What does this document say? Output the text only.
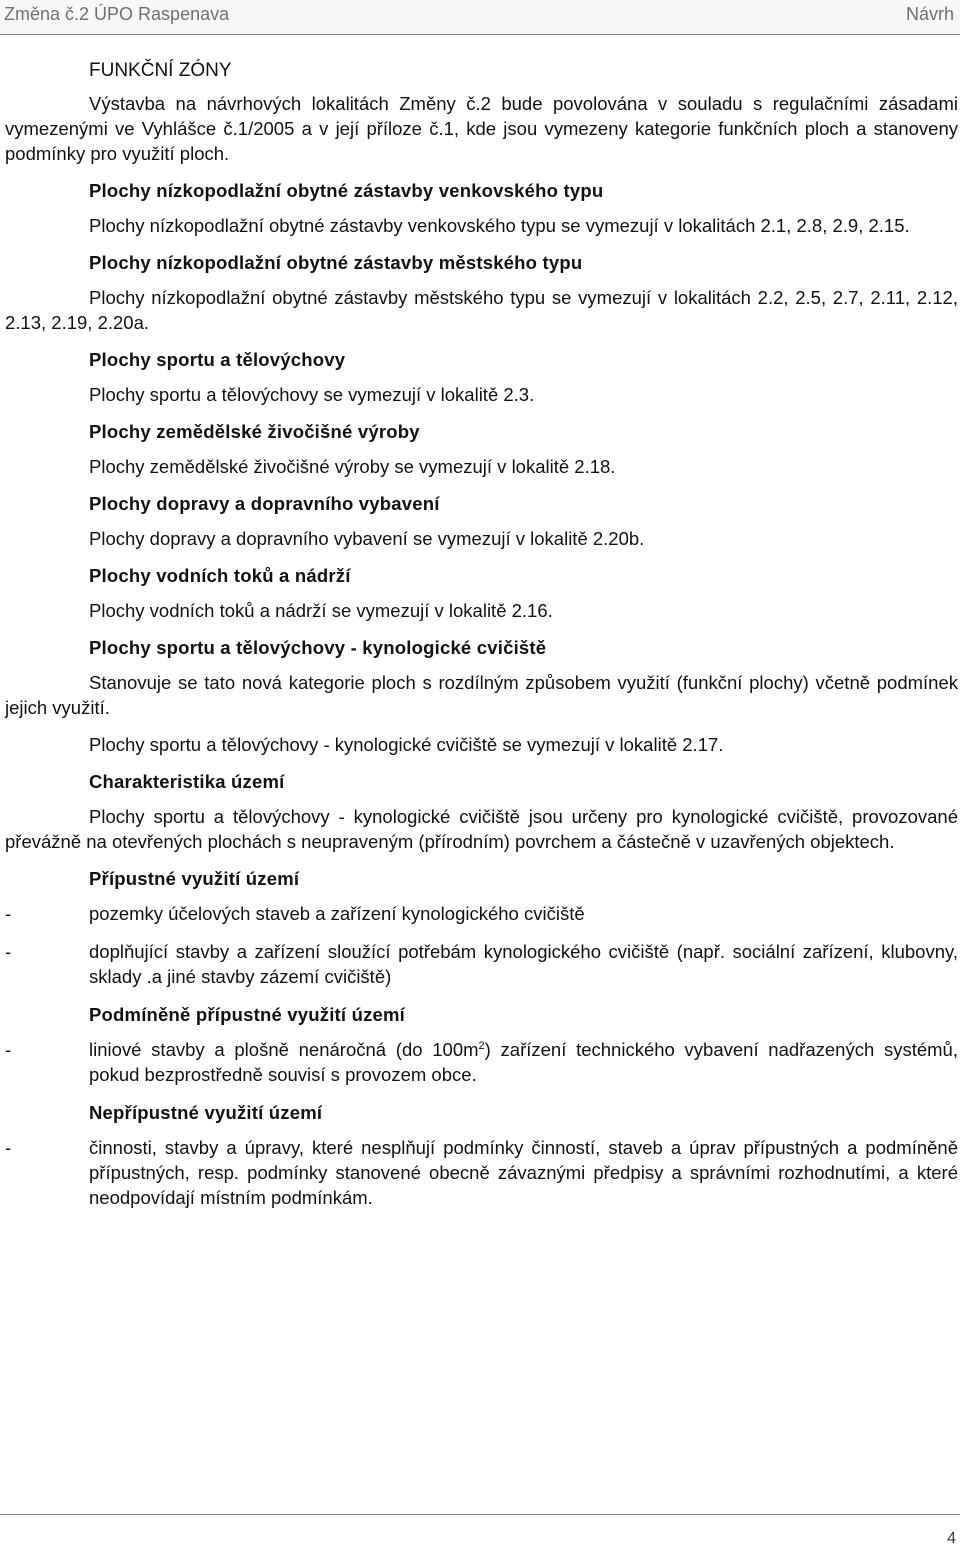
Změna č.2 ÚPO Raspenava	Návrh
FUNKČNÍ ZÓNY

Výstavba na návrhových lokalitách Změny č.2 bude povolována v souladu s regulačními zásadami vymezenými ve Vyhlášce č.1/2005 a v její příloze č.1, kde jsou vymezeny kategorie funkčních ploch a stanoveny podmínky pro využití ploch.

Plochy nízkopodlažní obytné zástavby venkovského typu

Plochy nízkopodlažní obytné zástavby venkovského typu se vymezují v lokalitách 2.1, 2.8, 2.9, 2.15.

Plochy nízkopodlažní obytné zástavby městského typu

Plochy nízkopodlažní obytné zástavby městského typu se vymezují v lokalitách 2.2, 2.5, 2.7, 2.11, 2.12, 2.13, 2.19, 2.20a.

Plochy sportu a tělovýchovy

Plochy sportu a tělovýchovy se vymezují v lokalitě 2.3.

Plochy zemědělské živočišné výroby

Plochy zemědělské živočišné výroby se vymezují v lokalitě 2.18.

Plochy dopravy a dopravního vybavení

Plochy dopravy a dopravního vybavení se vymezují v lokalitě 2.20b.

Plochy vodních toků a nádrží

Plochy vodních toků a nádrží se vymezují v lokalitě 2.16.

Plochy sportu a tělovýchovy - kynologické cvičiště

Stanovuje se tato nová kategorie ploch s rozdílným způsobem využití (funkční plochy) včetně podmínek jejich využití.

Plochy sportu a tělovýchovy - kynologické cvičiště se vymezují v lokalitě 2.17.

Charakteristika území

Plochy sportu a tělovýchovy - kynologické cvičiště jsou určeny pro kynologické cvičiště, provozované převážně na otevřených plochách s neupraveným (přírodním) povrchem a částečně v uzavřených objektech.

Přípustné využití území
-	pozemky účelových staveb a zařízení kynologického cvičiště
-	doplňující stavby a zařízení sloužící potřebám kynologického cvičiště (např. sociální zařízení, klubovny, sklady .a jiné stavby zázemí cvičiště)
Podmíněně přípustné využití území
-	liniové stavby a plošně nenáročná (do $100m^2$) zařízení technického vybavení nadřazených systémů, pokud bezprostředně souvisí s provozem obce.
Nepřípustné využití území
-	činnosti, stavby a úpravy, které nesplňují podmínky činností, staveb a úprav přípustných a podmíněně přípustných, resp. podmínky stanovené obecně závaznými předpisy a správními rozhodnutími, a které neodpovídají místním podmínkám.
4
